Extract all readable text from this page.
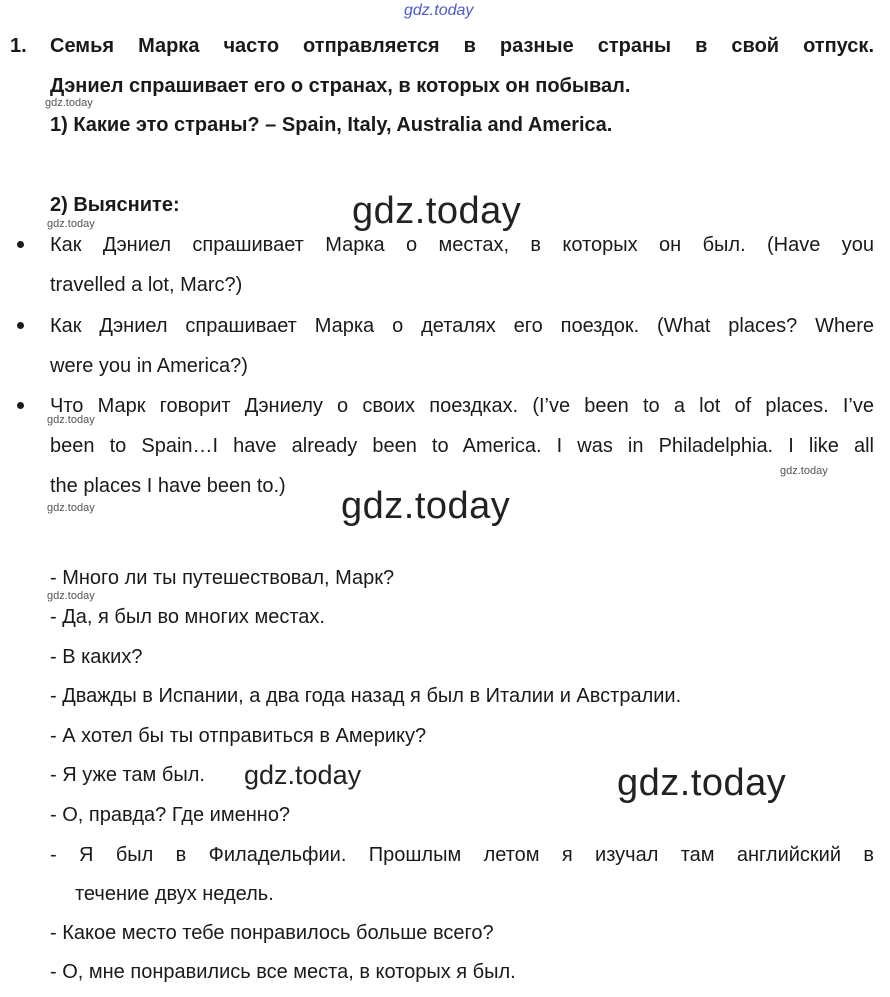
gdz.today
gdz.today
gdz.today
gdz.today
gdz.today
gdz.today
gdz.today
gdz.today
gdz.today
gdz.today
gdz.today
1. Семья Марка часто отправляется в разные страны в свой отпуск.
Дэниел спрашивает его о странах, в которых он побывал.
1) Какие это страны? – Spain, Italy, Australia and America.
2) Выясните:
Как Дэниел спрашивает Марка о местах, в которых он был. (Have you
travelled a lot, Marc?)
Как Дэниел спрашивает Марка о деталях его поездок. (What places? Where
were you in America?)
Что Марк говорит Дэниелу о своих поездках. (I’ve been to a lot of places. I’ve
been to Spain…I have already been to America. I was in Philadelphia. I like all
the places I have been to.)
- Много ли ты путешествовал, Марк?
- Да, я был во многих местах.
- В каких?
- Дважды в Испании, а два года назад я был в Италии и Австралии.
- А хотел бы ты отправиться в Америку?
- Я уже там был.
- О, правда? Где именно?
- Я был в Филадельфии. Прошлым летом я изучал там английский в
течение двух недель.
- Какое место тебе понравилось больше всего?
- О, мне понравились все места, в которых я был.
